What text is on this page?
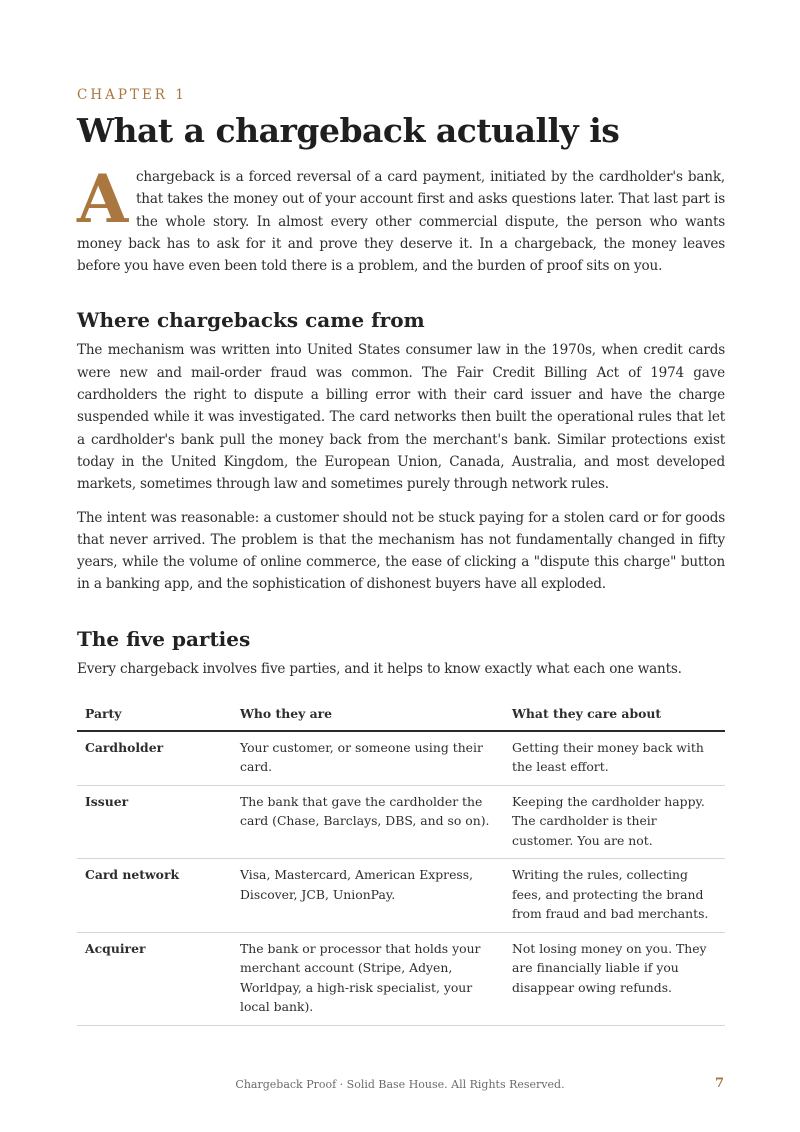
CHAPTER 1
What a chargeback actually is

Achargeback is a forced reversal of a card payment, initiated by the cardholder's bank, that takes the money out of your account first and asks questions later. That last part is the whole story. In almost every other commercial dispute, the person who wants money back has to ask for it and prove they deserve it. In a chargeback, the money leaves before you have even been told there is a problem, and the burden of proof sits on you.

Where chargebacks came from

The mechanism was written into United States consumer law in the 1970s, when credit cards were new and mail-order fraud was common. The Fair Credit Billing Act of 1974 gave cardholders the right to dispute a billing error with their card issuer and have the charge suspended while it was investigated. The card networks then built the operational rules that let a cardholder's bank pull the money back from the merchant's bank. Similar protections exist today in the United Kingdom, the European Union, Canada, Australia, and most developed markets, sometimes through law and sometimes purely through network rules.

The intent was reasonable: a customer should not be stuck paying for a stolen card or for goods that never arrived. The problem is that the mechanism has not fundamentally changed in fifty years, while the volume of online commerce, the ease of clicking a "dispute this charge" button in a banking app, and the sophistication of dishonest buyers have all exploded.

The five parties

Every chargeback involves five parties, and it helps to know exactly what each one wants.

Party	Who they are	What they care about
Cardholder	Your customer, or someone using their card.	Getting their money back with the least effort.
Issuer	The bank that gave the cardholder the card (Chase, Barclays, DBS, and so on).	Keeping the cardholder happy. The cardholder is their customer. You are not.
Card network	Visa, Mastercard, American Express, Discover, JCB, UnionPay.	Writing the rules, collecting fees, and protecting the brand from fraud and bad merchants.
Acquirer	The bank or processor that holds your merchant account (Stripe, Adyen, Worldpay, a high-risk specialist, your local bank).	Not losing money on you. They are financially liable if you disappear owing refunds.
Chargeback Proof · Solid Base House. All Rights Reserved.	7
